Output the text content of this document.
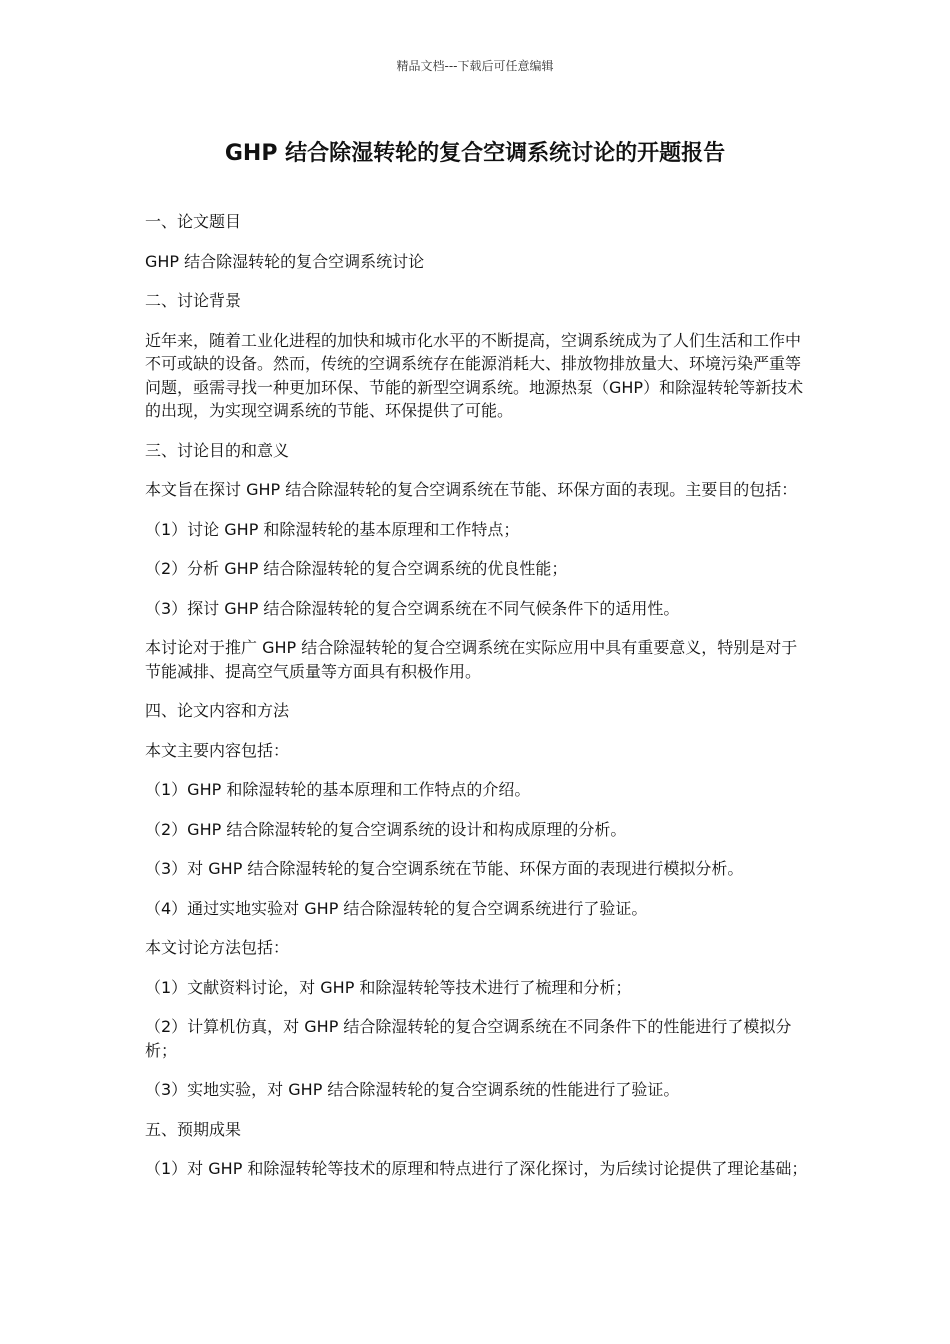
精品文档---下载后可任意编辑
GHP 结合除湿转轮的复合空调系统讨论的开题报告

一、论文题目

GHP 结合除湿转轮的复合空调系统讨论

二、讨论背景

近年来，随着工业化进程的加快和城市化水平的不断提高，空调系统成为了人们生活和工作中不可或缺的设备。然而，传统的空调系统存在能源消耗大、排放物排放量大、环境污染严重等问题，亟需寻找一种更加环保、节能的新型空调系统。地源热泵（GHP）和除湿转轮等新技术的出现，为实现空调系统的节能、环保提供了可能。

三、讨论目的和意义

本文旨在探讨 GHP 结合除湿转轮的复合空调系统在节能、环保方面的表现。主要目的包括：

（1）讨论 GHP 和除湿转轮的基本原理和工作特点；

（2）分析 GHP 结合除湿转轮的复合空调系统的优良性能；

（3）探讨 GHP 结合除湿转轮的复合空调系统在不同气候条件下的适用性。

本讨论对于推广 GHP 结合除湿转轮的复合空调系统在实际应用中具有重要意义，特别是对于节能减排、提高空气质量等方面具有积极作用。

四、论文内容和方法

本文主要内容包括：

（1）GHP 和除湿转轮的基本原理和工作特点的介绍。

（2）GHP 结合除湿转轮的复合空调系统的设计和构成原理的分析。

（3）对 GHP 结合除湿转轮的复合空调系统在节能、环保方面的表现进行模拟分析。

（4）通过实地实验对 GHP 结合除湿转轮的复合空调系统进行了验证。

本文讨论方法包括：

（1）文献资料讨论，对 GHP 和除湿转轮等技术进行了梳理和分析；

（2）计算机仿真，对 GHP 结合除湿转轮的复合空调系统在不同条件下的性能进行了模拟分析；

（3）实地实验，对 GHP 结合除湿转轮的复合空调系统的性能进行了验证。

五、预期成果

（1）对 GHP 和除湿转轮等技术的原理和特点进行了深化探讨，为后续讨论提供了理论基础；
